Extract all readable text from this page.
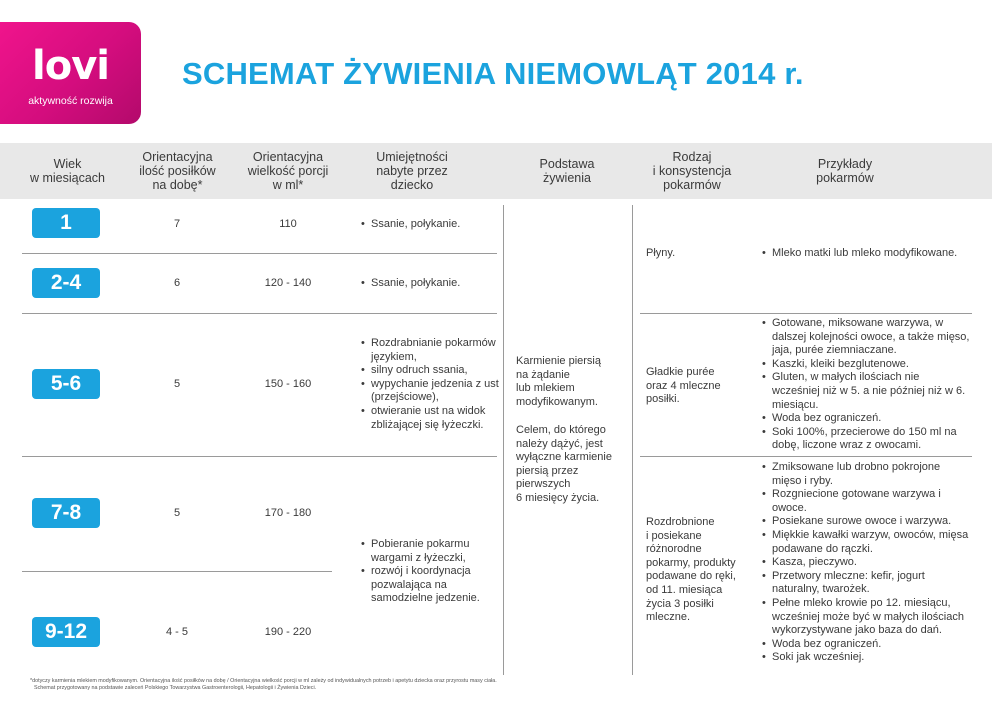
lovi
aktywność rozwija
SCHEMAT ŻYWIENIA NIEMOWLĄT 2014 r.
Wiek
w miesiącach
Orientacyjna
ilość posiłków
na dobę*
Orientacyjna
wielkość porcji
w ml*
Umiejętności
nabyte przez
dziecko
Podstawa
żywienia
Rodzaj
i konsystencja
pokarmów
Przykłady
pokarmów
1
2-4
5-6
7-8
9-12
7
6
5
5
4 - 5
110
120 - 140
150 - 160
170 - 180
190 - 220
• Ssanie, połykanie.
• Ssanie, połykanie.
• Rozdrabnianie pokarmów językiem,
• silny odruch ssania,
• wypychanie jedzenia z ust (przejściowe),
• otwieranie ust na widok zbliżającej się łyżeczki.
• Pobieranie pokarmu wargami z łyżeczki,
• rozwój i koordynacja pozwalająca na samodzielne jedzenie.
Karmienie piersią
na żądanie
lub mlekiem
modyfikowanym.
Celem, do którego
należy dążyć, jest
wyłączne karmienie
piersią przez
pierwszych
6 miesięcy życia.
Płyny.
Gładkie purée
oraz 4 mleczne
posiłki.
Rozdrobnione
i posiekane
różnorodne
pokarmy, produkty
podawane do ręki,
od 11. miesiąca
życia 3 posiłki
mleczne.
• Mleko matki lub mleko modyfikowane.
• Gotowane, miksowane warzywa, w dalszej kolejności owoce, a także mięso, jaja, purée ziemniaczane.
• Kaszki, kleiki bezglutenowe.
• Gluten, w małych ilościach nie wcześniej niż w 5. a nie później niż w 6. miesiącu.
• Woda bez ograniczeń.
• Soki 100%, przecierowe do 150 ml na dobę, liczone wraz z owocami.
• Zmiksowane lub drobno pokrojone mięso i ryby.
• Rozgniecione gotowane warzywa i owoce.
• Posiekane surowe owoce i warzywa.
• Miękkie kawałki warzyw, owoców, mięsa podawane do rączki.
• Kasza, pieczywo.
• Przetwory mleczne: kefir, jogurt naturalny, twarożek.
• Pełne mleko krowie po 12. miesiącu, wcześniej może być w małych ilościach wykorzystywane jako baza do dań.
• Woda bez ograniczeń.
• Soki jak wcześniej.
*dotyczy karmienia mlekiem modyfikowanym. Orientacyjna ilość posiłków na dobę / Orientacyjna wielkość porcji w ml zależy od indywidualnych potrzeb i apetytu dziecka oraz przyrostu masy ciała.
Schemat przygotowany na podstawie zaleceń Polskiego Towarzystwa Gastroenterologii, Hepatologii i Żywienia Dzieci.
